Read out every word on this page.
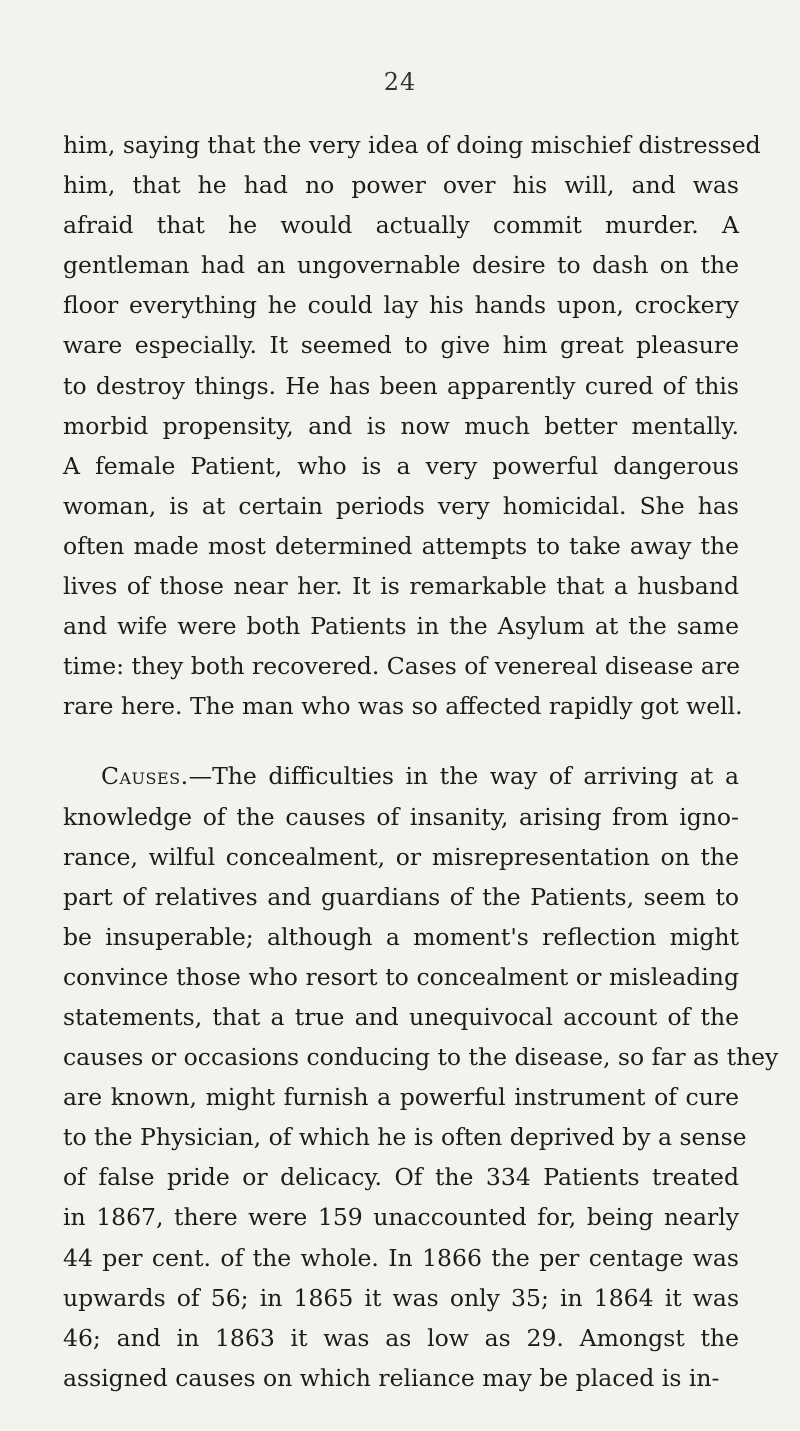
24
him, saying that the very idea of doing mischief distressed
him, that he had no power over his will, and was
afraid that he would actually commit murder. A
gentleman had an ungovernable desire to dash on the
floor everything he could lay his hands upon, crockery
ware especially. It seemed to give him great pleasure
to destroy things. He has been apparently cured of this
morbid propensity, and is now much better mentally.
A female Patient, who is a very powerful dangerous
woman, is at certain periods very homicidal. She has
often made most determined attempts to take away the
lives of those near her. It is remarkable that a husband
and wife were both Patients in the Asylum at the same
time: they both recovered. Cases of venereal disease are
rare here. The man who was so affected rapidly got well.
Causes.—The difficulties in the way of arriving at a
knowledge of the causes of insanity, arising from igno-
rance, wilful concealment, or misrepresentation on the
part of relatives and guardians of the Patients, seem to
be insuperable; although a moment's reflection might
convince those who resort to concealment or misleading
statements, that a true and unequivocal account of the
causes or occasions conducing to the disease, so far as they
are known, might furnish a powerful instrument of cure
to the Physician, of which he is often deprived by a sense
of false pride or delicacy. Of the 334 Patients treated
in 1867, there were 159 unaccounted for, being nearly
44 per cent. of the whole. In 1866 the per centage was
upwards of 56; in 1865 it was only 35; in 1864 it was
46; and in 1863 it was as low as 29. Amongst the
assigned causes on which reliance may be placed is in-
